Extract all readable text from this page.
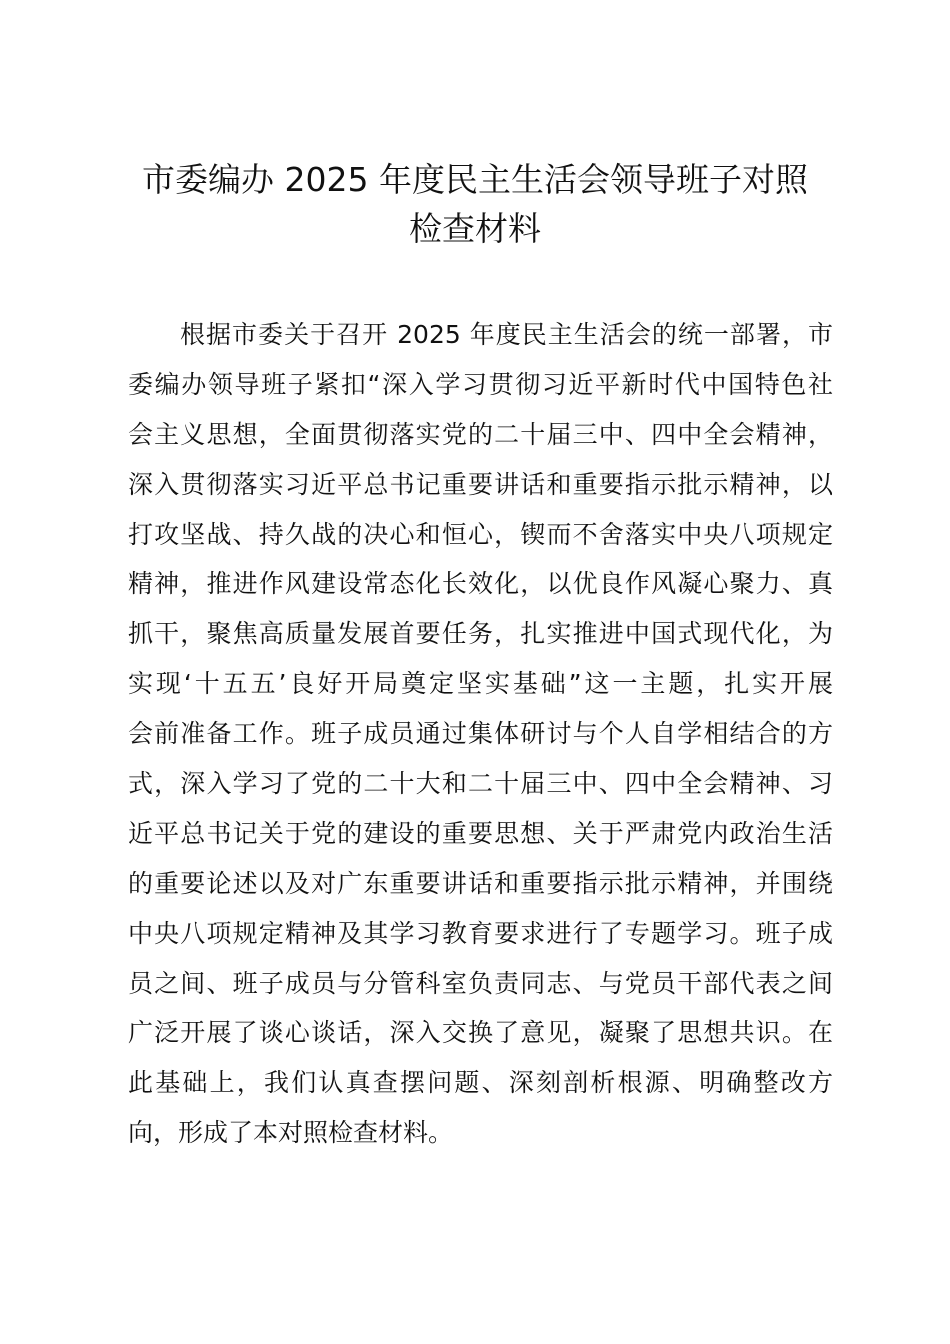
市委编办 2025 年度民主生活会领导班子对照
检查材料
根据市委关于召开 2025 年度民主生活会的统一部署，市
委编办领导班子紧扣“深入学习贯彻习近平新时代中国特色社
会主义思想，全面贯彻落实党的二十届三中、四中全会精神，
深入贯彻落实习近平总书记重要讲话和重要指示批示精神，以
打攻坚战、持久战的决心和恒心，锲而不舍落实中央八项规定
精神，推进作风建设常态化长效化，以优良作风凝心聚力、真
抓干，聚焦高质量发展首要任务，扎实推进中国式现代化，为
实现‘十五五’良好开局奠定坚实基础”这一主题，扎实开展
会前准备工作。班子成员通过集体研讨与个人自学相结合的方
式，深入学习了党的二十大和二十届三中、四中全会精神、习
近平总书记关于党的建设的重要思想、关于严肃党内政治生活
的重要论述以及对广东重要讲话和重要指示批示精神，并围绕
中央八项规定精神及其学习教育要求进行了专题学习。班子成
员之间、班子成员与分管科室负责同志、与党员干部代表之间
广泛开展了谈心谈话，深入交换了意见，凝聚了思想共识。在
此基础上，我们认真查摆问题、深刻剖析根源、明确整改方
向，形成了本对照检查材料。
